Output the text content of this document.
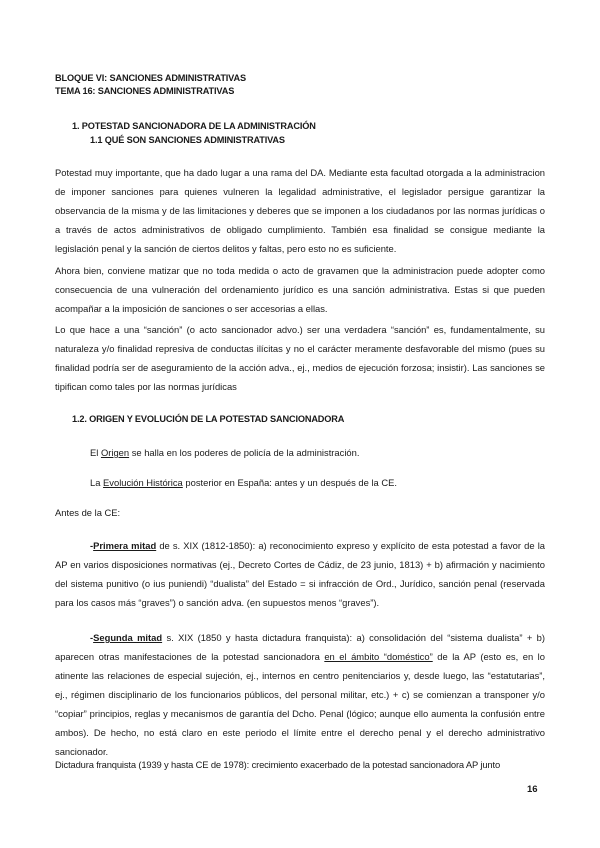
BLOQUE VI: SANCIONES ADMINISTRATIVAS
TEMA 16: SANCIONES ADMINISTRATIVAS
1. POTESTAD SANCIONADORA DE LA ADMINISTRACIÓN
1.1 QUÉ SON SANCIONES ADMINISTRATIVAS
Potestad muy importante, que ha dado lugar a una rama del DA. Mediante esta facultad otorgada a la administracion de imponer sanciones para quienes vulneren la legalidad administrative, el legislador persigue garantizar la observancia de la misma y de las limitaciones y deberes que se imponen a los ciudadanos por las normas jurídicas o a través de actos administrativos de obligado cumplimiento. También esa finalidad se consigue mediante la legislación penal y la sanción de ciertos delitos y faltas, pero esto no es suficiente.
Ahora bien, conviene matizar que no toda medida o acto de gravamen que la administracion puede adopter como consecuencia de una vulneración del ordenamiento jurídico es una sanción administrativa. Estas si que pueden acompañar a la imposición de sanciones o ser accesorias a ellas.
Lo que hace a una “sanción” (o acto sancionador advo.) ser una verdadera “sanción” es, fundamentalmente, su naturaleza y/o finalidad represiva de conductas ilícitas y no el carácter meramente desfavorable del mismo (pues su finalidad podría ser de aseguramiento de la acción adva., ej., medios de ejecución forzosa; insistir). Las sanciones se tipifican como tales por las normas jurídicas
1.2. ORIGEN Y EVOLUCIÓN DE LA POTESTAD SANCIONADORA
El Origen se halla en los poderes de policía de la administración.
La Evolución Histórica posterior en España: antes y un después de la CE.
Antes de la CE:
-Primera mitad de s. XIX (1812-1850): a) reconocimiento expreso y explícito de esta potestad a favor de la AP en varios disposiciones normativas (ej., Decreto Cortes de Cádiz, de 23 junio, 1813) + b) afirmación y nacimiento del sistema punitivo (o ius puniendi) “dualista” del Estado = si infracción de Ord., Jurídico, sanción penal (reservada para los casos más “graves”) o sanción adva. (en supuestos menos “graves”).
-Segunda mitad s. XIX (1850 y hasta dictadura franquista): a) consolidación del “sistema dualista” + b) aparecen otras manifestaciones de la potestad sancionadora en el ámbito “doméstico” de la AP (esto es, en lo atinente las relaciones de especial sujeción, ej., internos en centro penitenciarios y, desde luego, las “estatutarias”, ej., régimen disciplinario de los funcionarios públicos, del personal militar, etc.) + c) se comienzan a transponer y/o “copiar” principios, reglas y mecanismos de garantía del Dcho. Penal (lógico; aunque ello aumenta la confusión entre ambos). De hecho, no está claro en este periodo el límite entre el derecho penal y el derecho administrativo sancionador.
Dictadura franquista (1939 y hasta CE de 1978): crecimiento exacerbado de la potestad sancionadora AP junto
16
